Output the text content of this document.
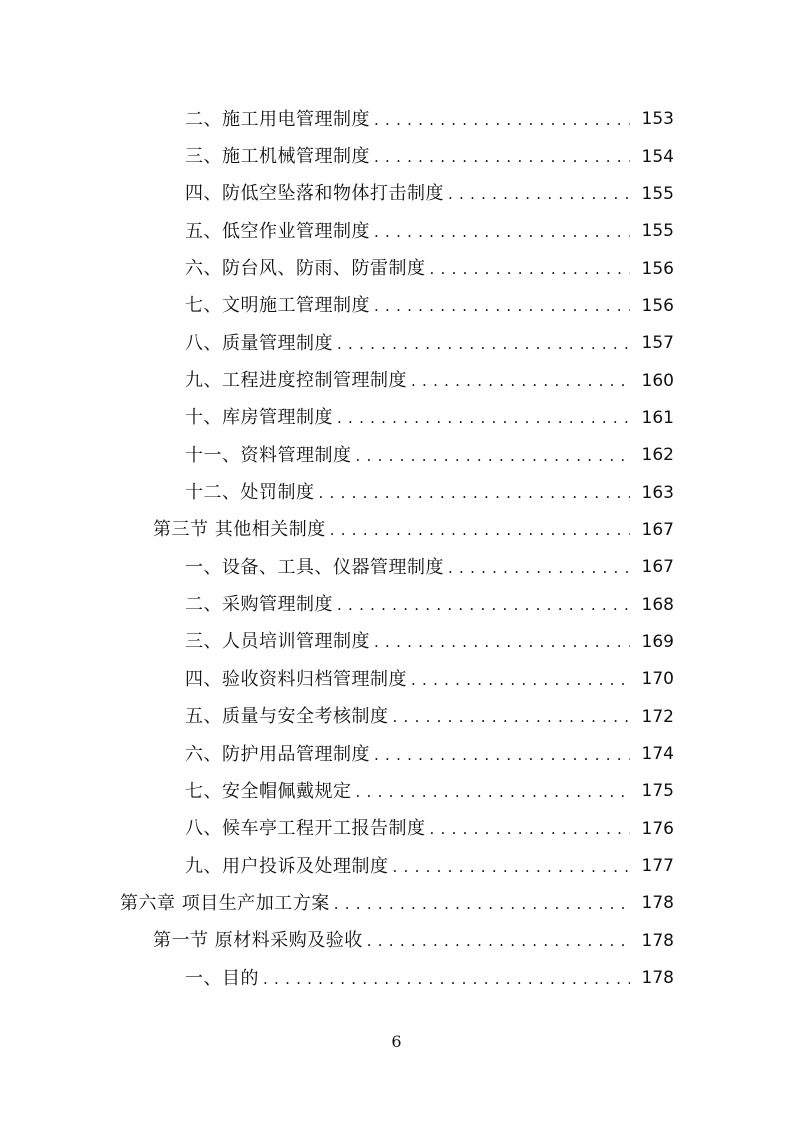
二、施工用电管理制度 . . .	153
三、施工机械管理制度 . . .	154
四、防低空坠落和物体打击制度 . . .	155
五、低空作业管理制度 . . .	155
六、防台风、防雨、防雷制度 . . .	156
七、文明施工管理制度 . . .	156
八、质量管理制度 . . .	157
九、工程进度控制管理制度 . . .	160
十、库房管理制度 . . .	161
十一、资料管理制度 . . .	162
十二、处罚制度 . . .	163
第三节 其他相关制度 . . .	167
一、设备、工具、仪器管理制度 . . .	167
二、采购管理制度 . . .	168
三、人员培训管理制度 . . .	169
四、验收资料归档管理制度 . . .	170
五、质量与安全考核制度 . . .	172
六、防护用品管理制度 . . .	174
七、安全帽佩戴规定 . . .	175
八、候车亭工程开工报告制度 . . .	176
九、用户投诉及处理制度 . . .	177
第六章 项目生产加工方案 . . .	178
第一节 原材料采购及验收 . . .	178
一、目的 . . .	178
6
